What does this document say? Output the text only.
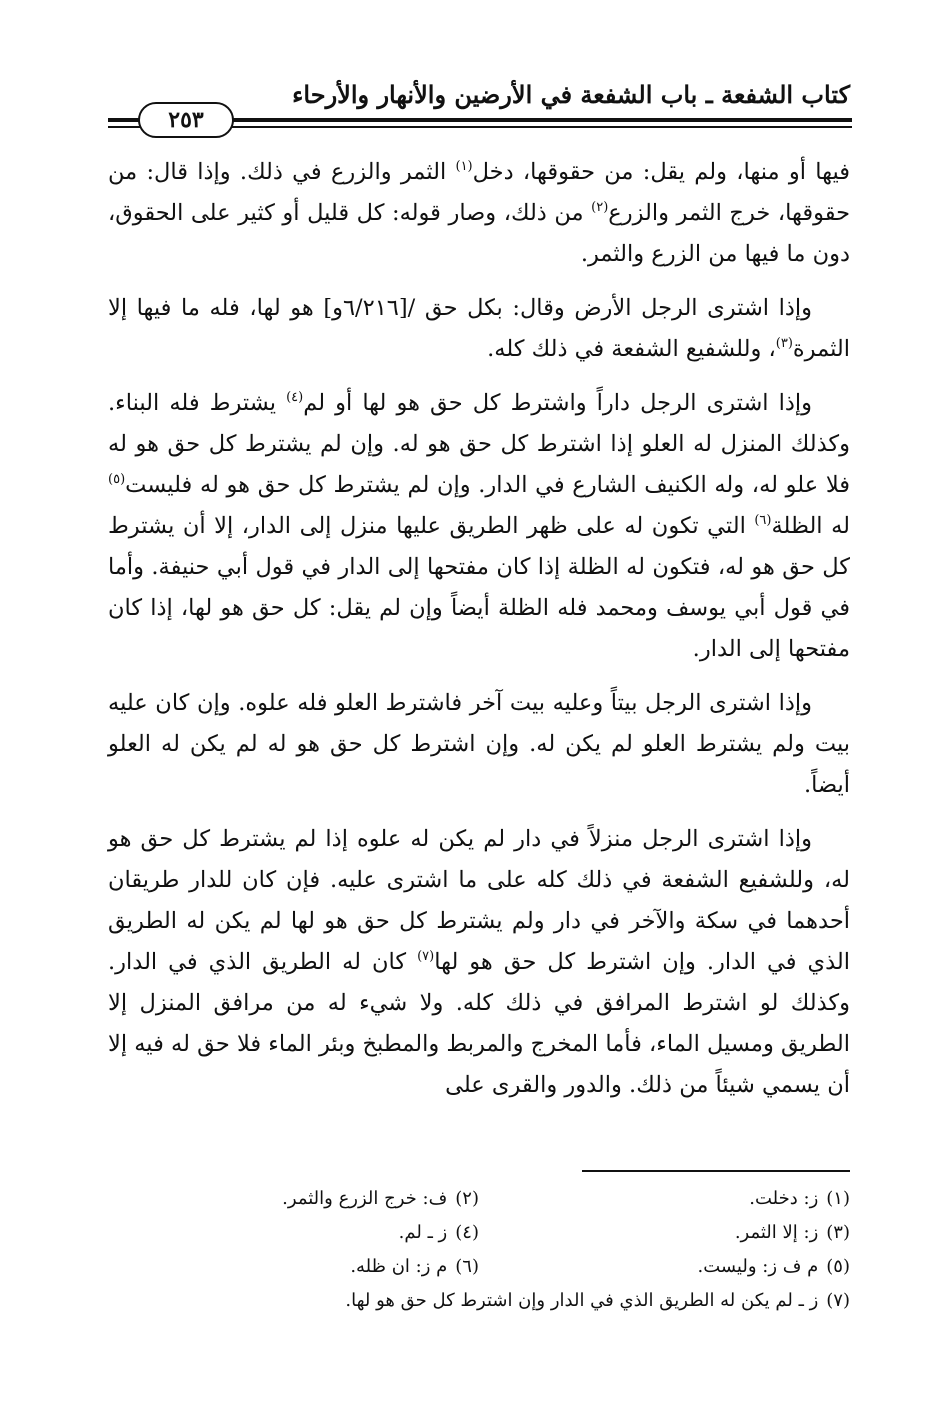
كتاب الشفعة ـ باب الشفعة في الأرضين والأنهار والأرحاء
٢٥٣

فيها أو منها، ولم يقل: من حقوقها، دخل$^{(١)}$ الثمر والزرع في ذلك. وإذا قال: من حقوقها، خرج الثمر والزرع$^{(٢)}$ من ذلك، وصار قوله: كل قليل أو كثير على الحقوق، دون ما فيها من الزرع والثمر.

وإذا اشترى الرجل الأرض وقال: بكل حق /[٦/٢١٦و] هو لها، فله ما فيها إلا الثمرة$^{(٣)}$، وللشفيع الشفعة في ذلك كله.

وإذا اشترى الرجل داراً واشترط كل حق هو لها أو لم$^{(٤)}$ يشترط فله البناء. وكذلك المنزل له العلو إذا اشترط كل حق هو له. وإن لم يشترط كل حق هو له فلا علو له، وله الكنيف الشارع في الدار. وإن لم يشترط كل حق هو له فليست$^{(٥)}$ له الظلة$^{(٦)}$ التي تكون له على ظهر الطريق عليها منزل إلى الدار، إلا أن يشترط كل حق هو له، فتكون له الظلة إذا كان مفتحها إلى الدار في قول أبي حنيفة. وأما في قول أبي يوسف ومحمد فله الظلة أيضاً وإن لم يقل: كل حق هو لها، إذا كان مفتحها إلى الدار.

وإذا اشترى الرجل بيتاً وعليه بيت آخر فاشترط العلو فله علوه. وإن كان عليه بيت ولم يشترط العلو لم يكن له. وإن اشترط كل حق هو له لم يكن له العلو أيضاً.

وإذا اشترى الرجل منزلاً في دار لم يكن له علوه إذا لم يشترط كل حق هو له، وللشفيع الشفعة في ذلك كله على ما اشترى عليه. فإن كان للدار طريقان أحدهما في سكة والآخر في دار ولم يشترط كل حق هو لها لم يكن له الطريق الذي في الدار. وإن اشترط كل حق هو لها$^{(٧)}$ كان له الطريق الذي في الدار. وكذلك لو اشترط المرافق في ذلك كله. ولا شيء له من مرافق المنزل إلا الطريق ومسيل الماء، فأما المخرج والمربط والمطبخ وبئر الماء فلا حق له فيه إلا أن يسمي شيئاً من ذلك. والدور والقرى على

(١)ز: دخلت.
(٢)ف: خرج الزرع والثمر.
(٣)ز: إلا الثمر.
(٤)ز ـ لم.
(٥)م ف ز: وليست.
(٦)م ز: ان ظله.
(٧)ز ـ لم يكن له الطريق الذي في الدار وإن اشترط كل حق هو لها.
